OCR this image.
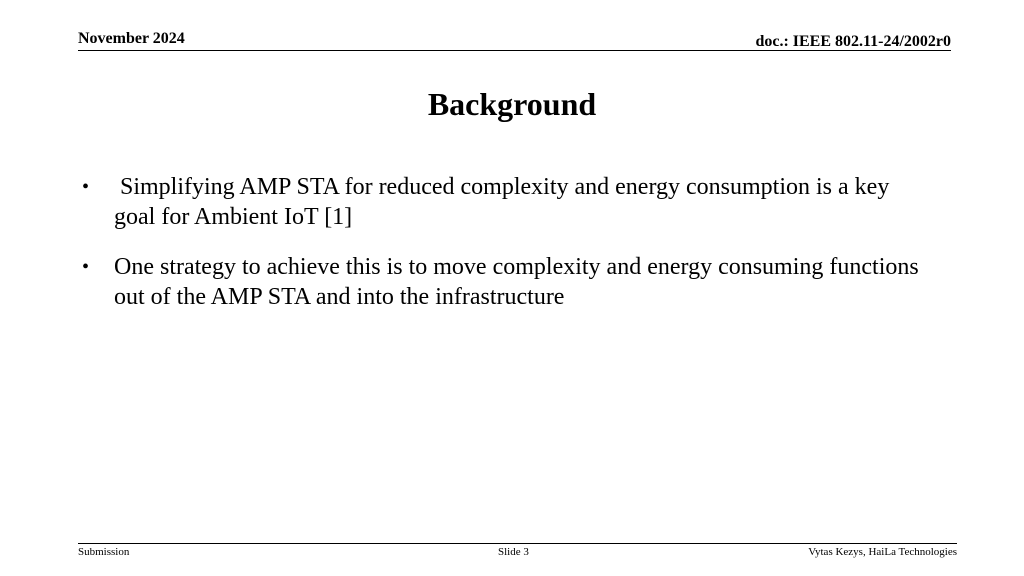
November 2024	doc.: IEEE 802.11-24/2002r0
Background
•	Simplifying AMP STA for reduced complexity and energy consumption is a key goal for Ambient IoT [1]
•	One strategy to achieve this is to move complexity and energy consuming functions out of the AMP STA and into the infrastructure
Submission	Slide 3	Vytas Kezys, HaiLa Technologies
